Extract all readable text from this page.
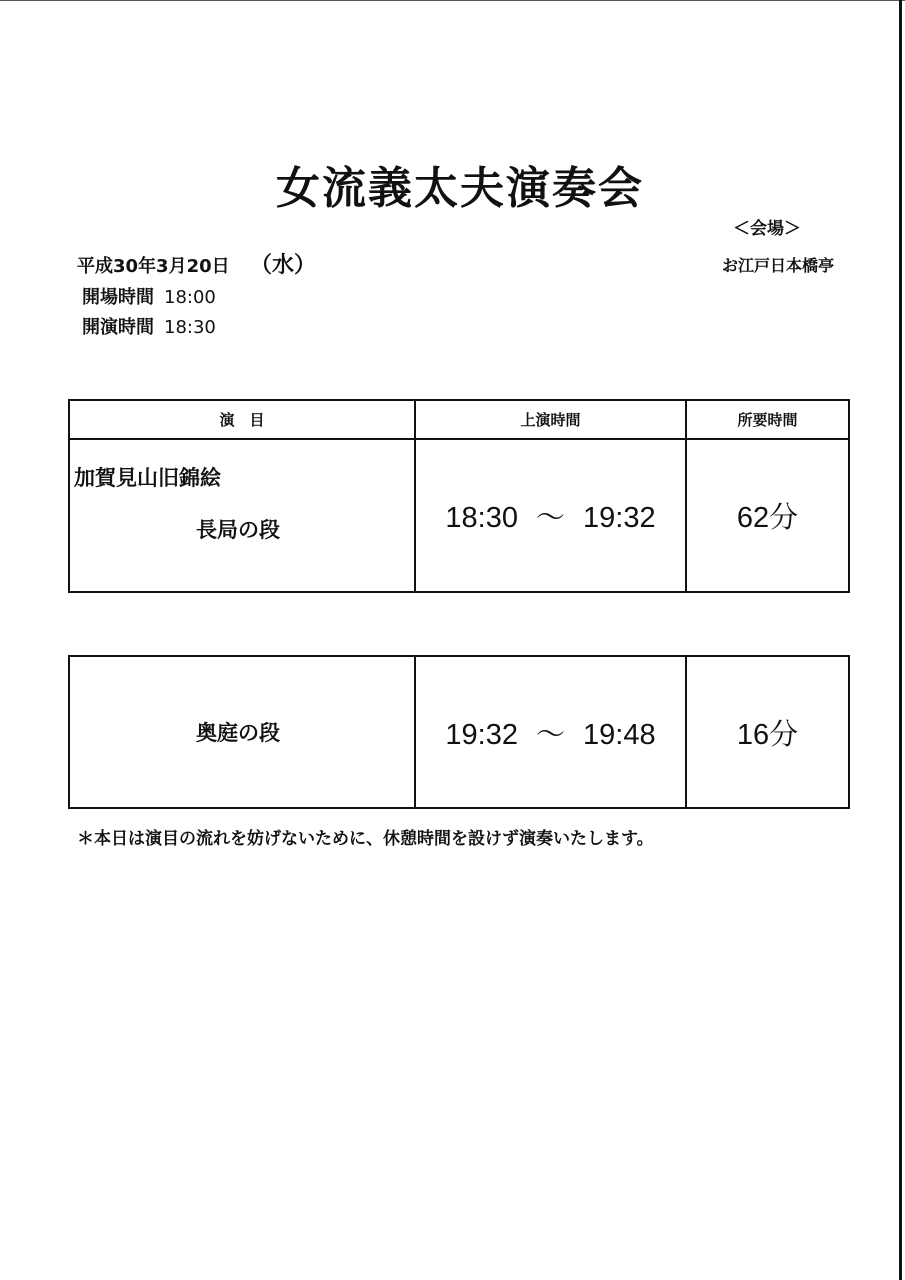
女流義太夫演奏会
＜会場＞
お江戸日本橋亭
平成30年3月20日 （水）
開場時間 18:00
開演時間 18:30
演　目	上演時間	所要時間

加賀見山旧錦絵
長局の段	18:30 ～ 19:32	62分
奥庭の段	19:32 ～ 19:48	16分
＊本日は演目の流れを妨げないために、休憩時間を設けず演奏いたします。
